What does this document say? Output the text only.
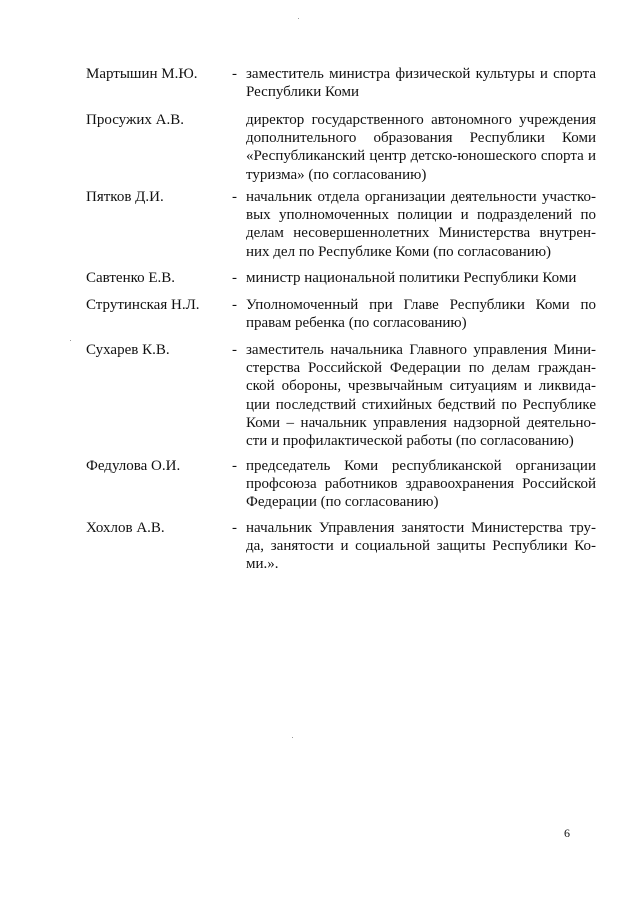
Мартышин М.Ю.	- заместитель министра физической культуры и спорта
Республики Коми
Просужих А.В.	директор государственного автономного учреждения
дополнительного образования Республики Коми
«Республиканский центр детско-юношеского спорта и
туризма» (по согласованию)
Пятков Д.И.	- начальник отдела организации деятельности участко-
вых уполномоченных полиции и подразделений по
делам несовершеннолетних Министерства внутрен-
них дел по Республике Коми (по согласованию)
Савтенко Е.В.	- министр национальной политики Республики Коми
Струтинская Н.Л.	- Уполномоченный при Главе Республики Коми по
правам ребенка (по согласованию)
Сухарев К.В.	- заместитель начальника Главного управления Мини-
стерства Российской Федерации по делам граждан-
ской обороны, чрезвычайным ситуациям и ликвида-
ции последствий стихийных бедствий по Республике
Коми – начальник управления надзорной деятельно-
сти и профилактической работы (по согласованию)
Федулова О.И.	- председатель Коми республиканской организации
профсоюза работников здравоохранения Российской
Федерации (по согласованию)
Хохлов А.В.	- начальник Управления занятости Министерства тру-
да, занятости и социальной защиты Республики Ко-
ми.».
6
